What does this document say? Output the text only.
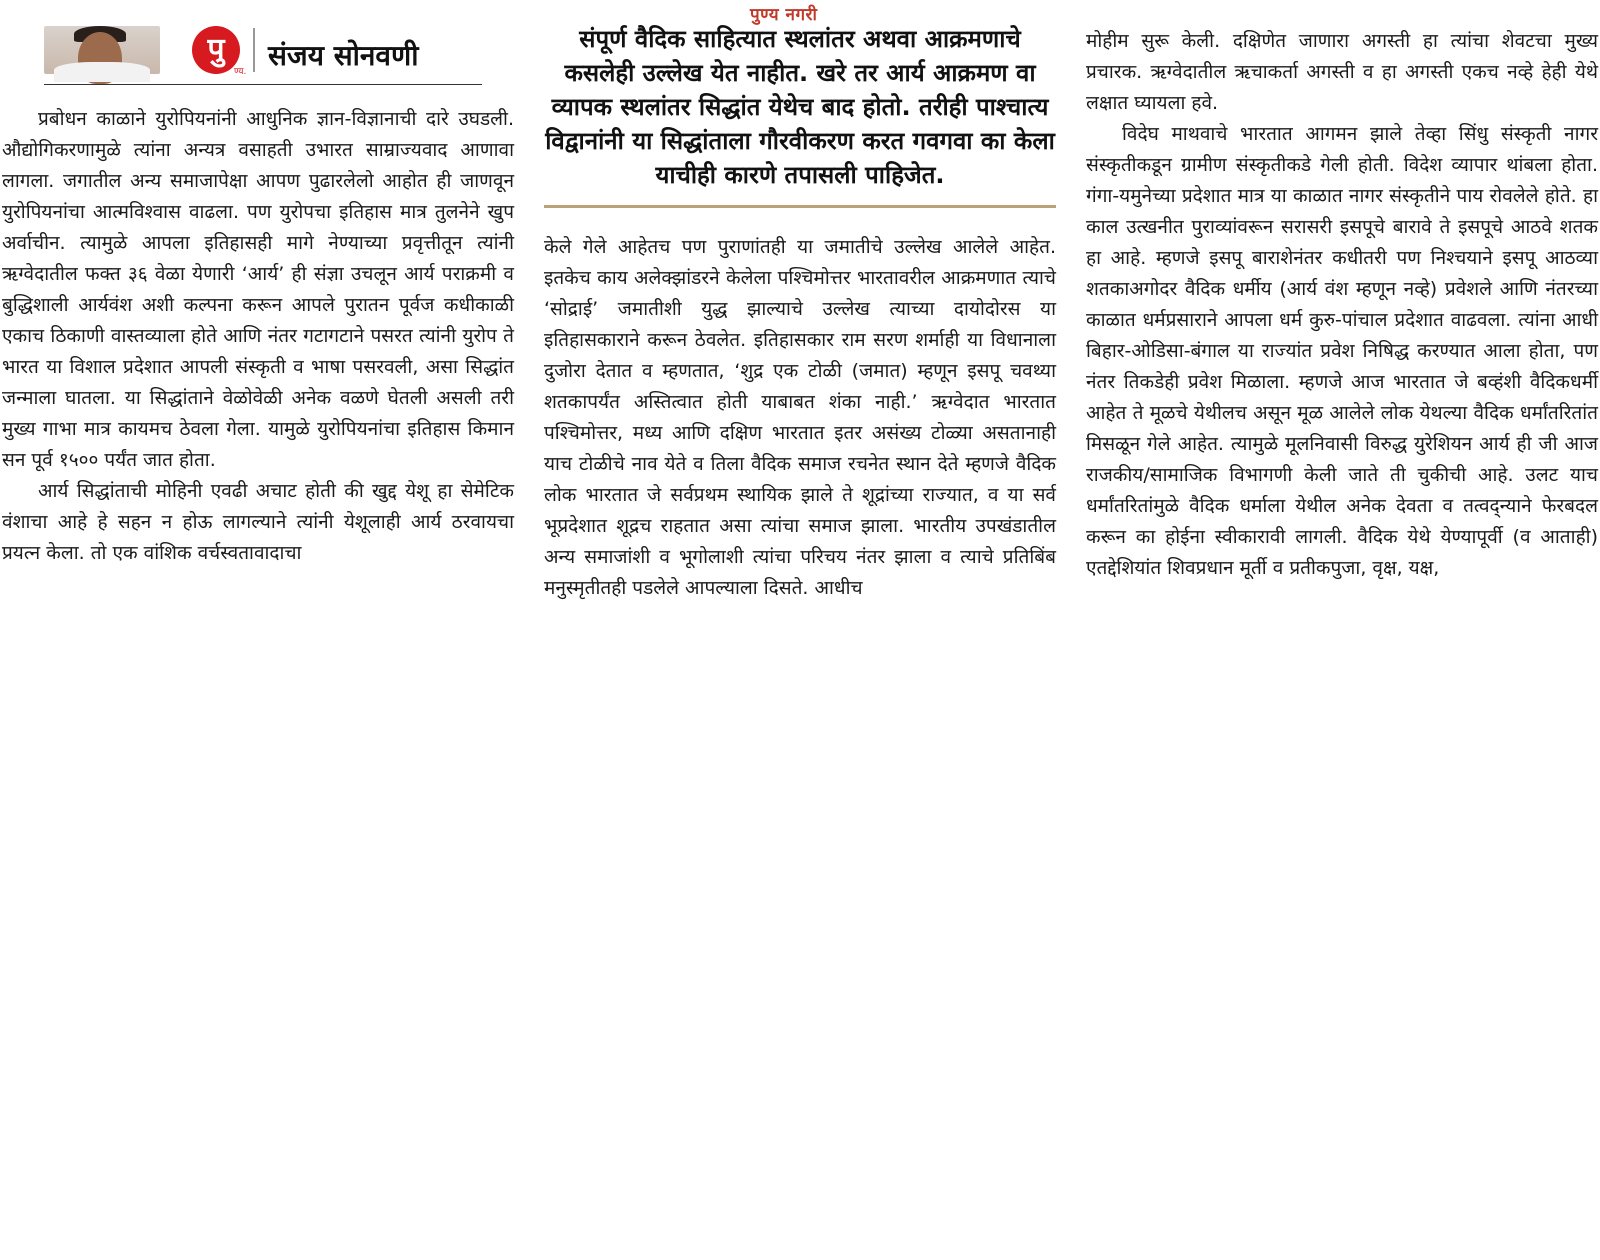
पु
ण्य. संजय सोनवणी

प्रबोधन काळाने युरोपियनांनी आधुनिक ज्ञान-विज्ञानाची दारे उघडली. औद्योगिकरणामुळे त्यांना अन्यत्र वसाहती उभारत साम्राज्यवाद आणावा लागला. जगातील अन्य समाजापेक्षा आपण पुढारलेलो आहोत ही जाणवून युरोपियनांचा आत्मविश्वास वाढला. पण युरोपचा इतिहास मात्र तुलनेने खुप अर्वाचीन. त्यामुळे आपला इतिहासही मागे नेण्याच्या प्रवृत्तीतून त्यांनी ऋग्वेदातील फक्त ३६ वेळा येणारी ‘आर्य’ ही संज्ञा उचलून आर्य पराक्रमी व बुद्धिशाली आर्यवंश अशी कल्पना करून आपले पुरातन पूर्वज कधीकाळी एकाच ठिकाणी वास्तव्याला होते आणि नंतर गटागटाने पसरत त्यांनी युरोप ते भारत या विशाल प्रदेशात आपली संस्कृती व भाषा पसरवली, असा सिद्धांत जन्माला घातला. या सिद्धांताने वेळोवेळी अनेक वळणे घेतली असली तरी मुख्य गाभा मात्र कायमच ठेवला गेला. यामुळे युरोपियनांचा इतिहास किमान सन पूर्व १५०० पर्यंत जात होता.

आर्य सिद्धांताची मोहिनी एवढी अचाट होती की खुद्द येशू हा सेमेटिक वंशाचा आहे हे सहन न होऊ लागल्याने त्यांनी येशूलाही आर्य ठरवायचा प्रयत्न केला. तो एक वांशिक वर्चस्वतावादाचा

पुण्य नगरी

संपूर्ण वैदिक साहित्यात स्थलांतर अथवा आक्रमणाचे कसलेही उल्लेख येत नाहीत. खरे तर आर्य आक्रमण वा व्यापक स्थलांतर सिद्धांत येथेच बाद होतो. तरीही पाश्चात्य विद्वानांनी या सिद्धांताला गौरवीकरण करत गवगवा का केला याचीही कारणे तपासली पाहिजेत.

केले गेले आहेतच पण पुराणांतही या जमातीचे उल्लेख आलेले आहेत. इतकेच काय अलेक्झांडरने केलेला पश्चिमोत्तर भारतावरील आक्रमणात त्याचे ‘सोद्राई’ जमातीशी युद्ध झाल्याचे उल्लेख त्याच्या दायोदोरस या इतिहासकाराने करून ठेवलेत. इतिहासकार राम सरण शर्माही या विधानाला दुजोरा देतात व म्हणतात, ‘शुद्र एक टोळी (जमात) म्हणून इसपू चवथ्या शतकापर्यंत अस्तित्वात होती याबाबत शंका नाही.’ ऋग्वेदात भारतात पश्चिमोत्तर, मध्य आणि दक्षिण भारतात इतर असंख्य टोळ्या असतानाही याच टोळीचे नाव येते व तिला वैदिक समाज रचनेत स्थान देते म्हणजे वैदिक लोक भारतात जे सर्वप्रथम स्थायिक झाले ते शूद्रांच्या राज्यात, व या सर्व भूप्रदेशात शूद्रच राहतात असा त्यांचा समाज झाला. भारतीय उपखंडातील अन्य समाजांशी व भूगोलाशी त्यांचा परिचय नंतर झाला व त्याचे प्रतिबिंब मनुस्मृतीतही पडलेले आपल्याला दिसते. आधीच

मोहीम सुरू केली. दक्षिणेत जाणारा अगस्ती हा त्यांचा शेवटचा मुख्य प्रचारक. ऋग्वेदातील ऋचाकर्ता अगस्ती व हा अगस्ती एकच नव्हे हेही येथे लक्षात घ्यायला हवे.

विदेघ माथवाचे भारतात आगमन झाले तेव्हा सिंधु संस्कृती नागर संस्कृतीकडून ग्रामीण संस्कृतीकडे गेली होती. विदेश व्यापार थांबला होता. गंगा-यमुनेच्या प्रदेशात मात्र या काळात नागर संस्कृतीने पाय रोवलेले होते. हा काल उत्खनीत पुराव्यांवरून सरासरी इसपूचे बारावे ते इसपूचे आठवे शतक हा आहे. म्हणजे इसपू बाराशेनंतर कधीतरी पण निश्चयाने इसपू आठव्या शतकाअगोदर वैदिक धर्मीय (आर्य वंश म्हणून नव्हे) प्रवेशले आणि नंतरच्या काळात धर्मप्रसाराने आपला धर्म कुरु-पांचाल प्रदेशात वाढवला. त्यांना आधी बिहार-ओडिसा-बंगाल या राज्यांत प्रवेश निषिद्ध करण्यात आला होता, पण नंतर तिकडेही प्रवेश मिळाला. म्हणजे आज भारतात जे बव्हंशी वैदिकधर्मी आहेत ते मूळचे येथीलच असून मूळ आलेले लोक येथल्या वैदिक धर्मांतरितांत मिसळून गेले आहेत. त्यामुळे मूलनिवासी विरुद्ध युरेशियन आर्य ही जी आज राजकीय/सामाजिक विभागणी केली जाते ती चुकीची आहे. उलट याच धर्मांतरितांमुळे वैदिक धर्माला येथील अनेक देवता व तत्वद्न्याने फेरबदल करून का होईना स्वीकारावी लागली. वैदिक येथे येण्यापूर्वी (व आताही) एतद्देशियांत शिवप्रधान मूर्ती व प्रतीकपुजा, वृक्ष, यक्ष,
